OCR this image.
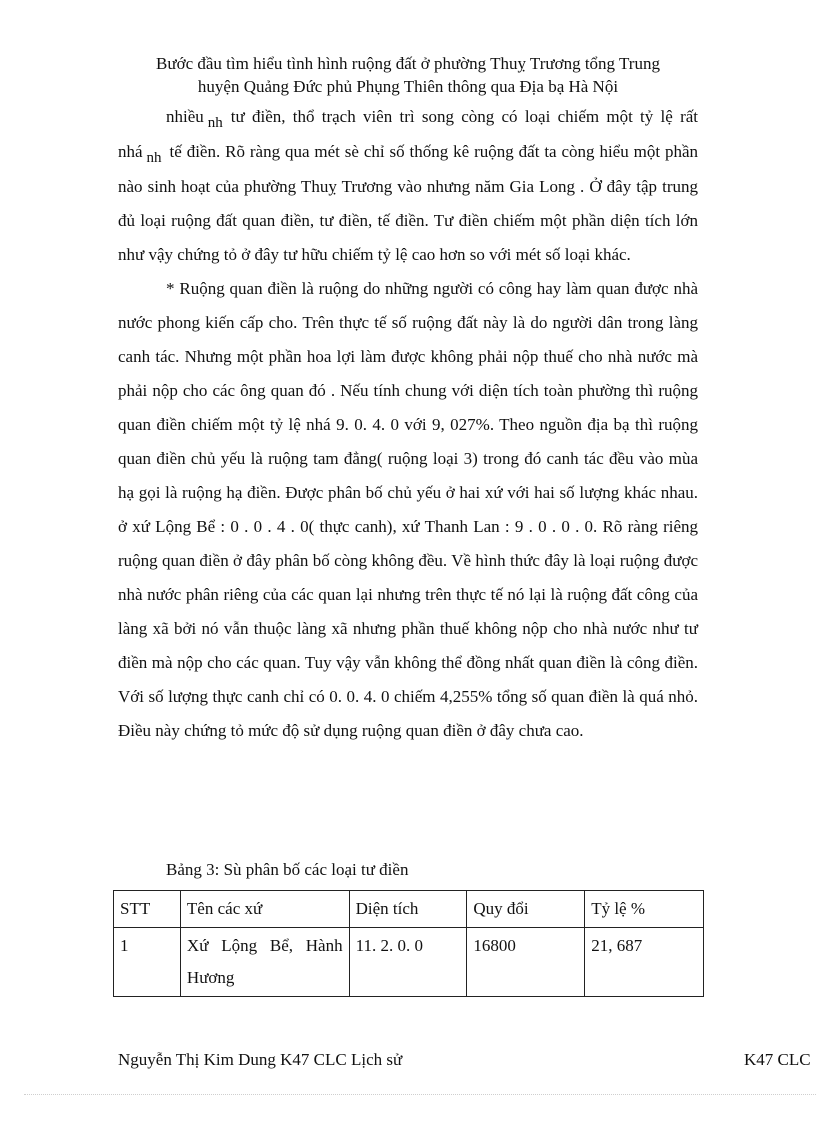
Bước đầu tìm hiểu tình hình ruộng đất ở phường Thuỵ Trương tổng Trung
huyện Quảng Đức phủ Phụng Thiên thông qua Địa bạ Hà Nội

nhiều nh tư điền, thổ trạch viên trì song còng có loại chiếm một tỷ lệ rất nhá nh tế điền. Rõ ràng qua mét sè chỉ số thống kê ruộng đất ta còng hiểu một phần nào sinh hoạt của phường Thuỵ Trương vào nhưng năm Gia Long . Ở đây tập trung đủ loại ruộng đất quan điền, tư điền, tế điền. Tư điền chiếm một phần diện tích lớn như vậy chứng tỏ ở đây tư hữu chiếm tỷ lệ cao hơn so với mét số loại khác.

* Ruộng quan điền là ruộng do những người có công hay làm quan được nhà nước phong kiến cấp cho. Trên thực tế số ruộng đất này là do người dân trong làng canh tác. Nhưng một phần hoa lợi làm được không phải nộp thuế cho nhà nước mà phải nộp cho các ông quan đó . Nếu tính chung với diện tích toàn phường thì ruộng quan điền chiếm một tỷ lệ nhá 9. 0. 4. 0 với 9, 027%. Theo nguồn địa bạ thì ruộng quan điền chủ yếu là ruộng tam đẳng( ruộng loại 3) trong đó canh tác đều vào mùa hạ gọi là ruộng hạ điền. Được phân bố chủ yếu ở hai xứ với hai số lượng khác nhau. ở xứ Lộng Bể : 0 . 0 . 4 . 0( thực canh), xứ Thanh Lan : 9 . 0 . 0 . 0. Rõ ràng riêng ruộng quan điền ở đây phân bố còng không đều. Về hình thức đây là loại ruộng được nhà nước phân riêng của các quan lại nhưng trên thực tế nó lại là ruộng đất công của làng xã bởi nó vẫn thuộc làng xã nhưng phần thuế không nộp cho nhà nước như tư điền mà nộp cho các quan. Tuy vậy vẫn không thể đồng nhất quan điền là công điền. Với số lượng thực canh chỉ có 0. 0. 4. 0 chiếm 4,255% tổng số quan điền là quá nhỏ. Điều này chứng tỏ mức độ sử dụng ruộng quan điền ở đây chưa cao.

Bảng 3: Sù phân bố các loại tư điền
STT	Tên các xứ	Diện tích	Quy đổi	Tỷ lệ %
1	Xứ Lộng Bể, Hành Hương	11. 2. 0. 0	16800	21, 687
Nguyễn Thị Kim Dung K47 CLC Lịch sử	K47 CLC
